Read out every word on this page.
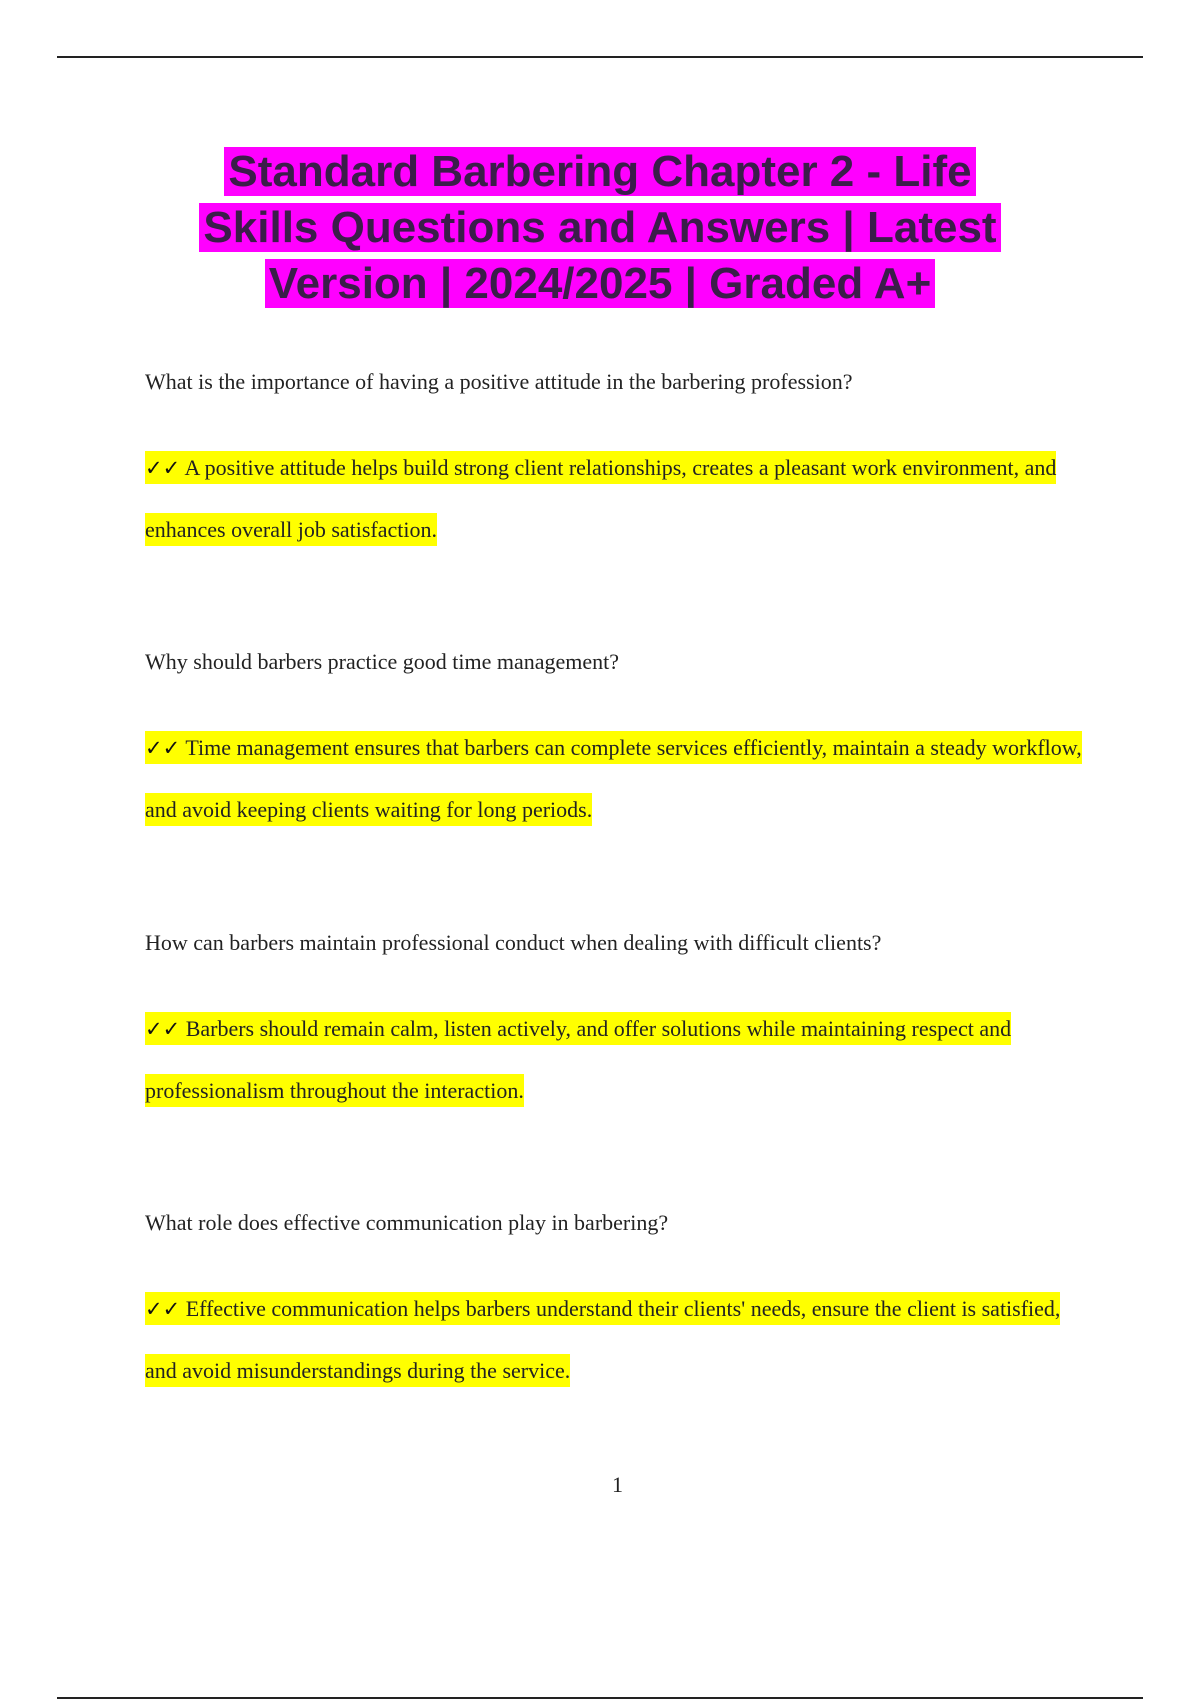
Standard Barbering Chapter 2 - Life
Skills Questions and Answers | Latest
Version | 2024/2025 | Graded A+

What is the importance of having a positive attitude in the barbering profession?

✓✓ A positive attitude helps build strong client relationships, creates a pleasant work environment, and enhances overall job satisfaction.

Why should barbers practice good time management?

✓✓ Time management ensures that barbers can complete services efficiently, maintain a steady workflow, and avoid keeping clients waiting for long periods.

How can barbers maintain professional conduct when dealing with difficult clients?

✓✓ Barbers should remain calm, listen actively, and offer solutions while maintaining respect and professionalism throughout the interaction.

What role does effective communication play in barbering?

✓✓ Effective communication helps barbers understand their clients' needs, ensure the client is satisfied, and avoid misunderstandings during the service.
1
